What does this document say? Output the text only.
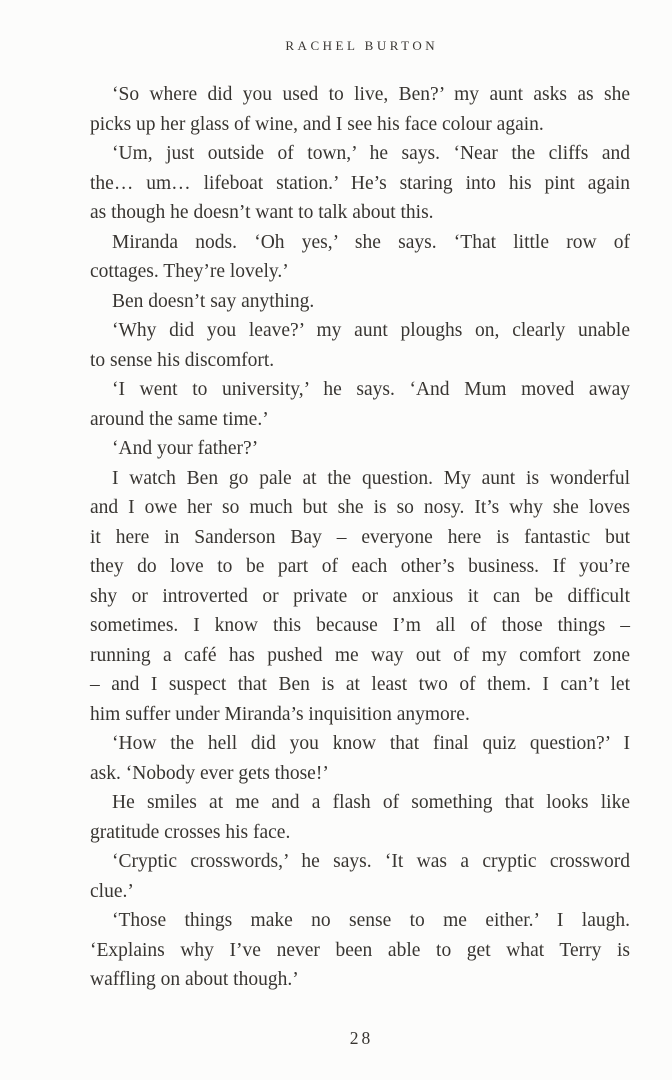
RACHEL BURTON
‘So where did you used to live, Ben?’ my aunt asks as she
picks up her glass of wine, and I see his face colour again.
‘Um, just outside of town,’ he says. ‘Near the cliffs and
the… um… lifeboat station.’ He’s staring into his pint again
as though he doesn’t want to talk about this.
Miranda nods. ‘Oh yes,’ she says. ‘That little row of
cottages. They’re lovely.’
Ben doesn’t say anything.
‘Why did you leave?’ my aunt ploughs on, clearly unable
to sense his discomfort.
‘I went to university,’ he says. ‘And Mum moved away
around the same time.’
‘And your father?’
I watch Ben go pale at the question. My aunt is wonderful
and I owe her so much but she is so nosy. It’s why she loves
it here in Sanderson Bay – everyone here is fantastic but
they do love to be part of each other’s business. If you’re
shy or introverted or private or anxious it can be difficult
sometimes. I know this because I’m all of those things –
running a café has pushed me way out of my comfort zone
– and I suspect that Ben is at least two of them. I can’t let
him suffer under Miranda’s inquisition anymore.
‘How the hell did you know that final quiz question?’ I
ask. ‘Nobody ever gets those!’
He smiles at me and a flash of something that looks like
gratitude crosses his face.
‘Cryptic crosswords,’ he says. ‘It was a cryptic crossword
clue.’
‘Those things make no sense to me either.’ I laugh.
‘Explains why I’ve never been able to get what Terry is
waffling on about though.’
28
